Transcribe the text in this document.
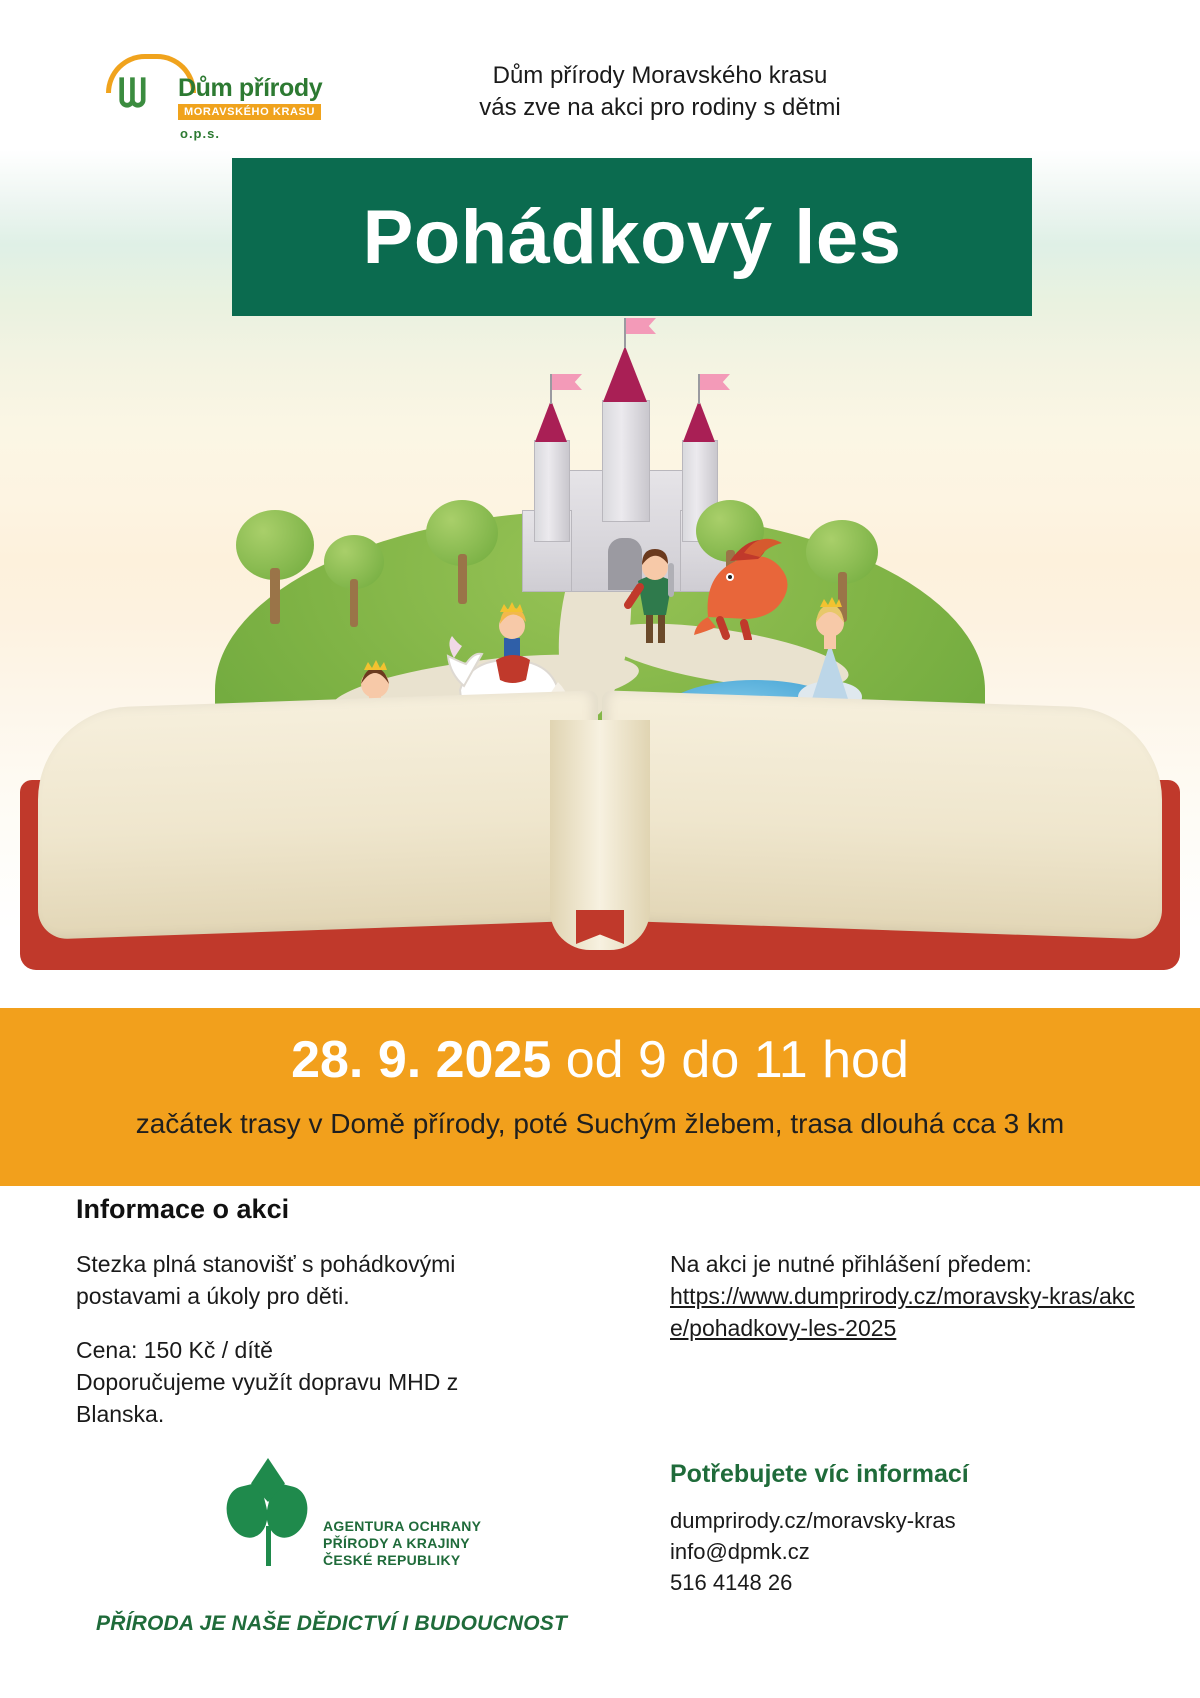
ᗯ Dům přírody
MORAVSKÉHO KRASU
o.p.s.
Dům přírody Moravského krasu
vás zve na akci pro rodiny s dětmi
Pohádkový les
28. 9. 2025 od 9 do 11 hod
začátek trasy v Domě přírody, poté Suchým žlebem, trasa dlouhá cca 3 km
Informace o akci
Stezka plná stanovišť s pohádkovými
postavami a úkoly pro děti.
Cena: 150 Kč / dítě
Doporučujeme využít dopravu MHD z Blanska.
Na akci je nutné přihlášení předem:
https://www.dumprirody.cz/moravsky-kras/akce/pohadkovy-les-2025
AGENTURA OCHRANY
PŘÍRODY A KRAJINY
ČESKÉ REPUBLIKY
PŘÍRODA JE NAŠE DĚDICTVÍ I BUDOUCNOST
Potřebujete víc informací
dumprirody.cz/moravsky-kras
info@dpmk.cz
516 4148 26
